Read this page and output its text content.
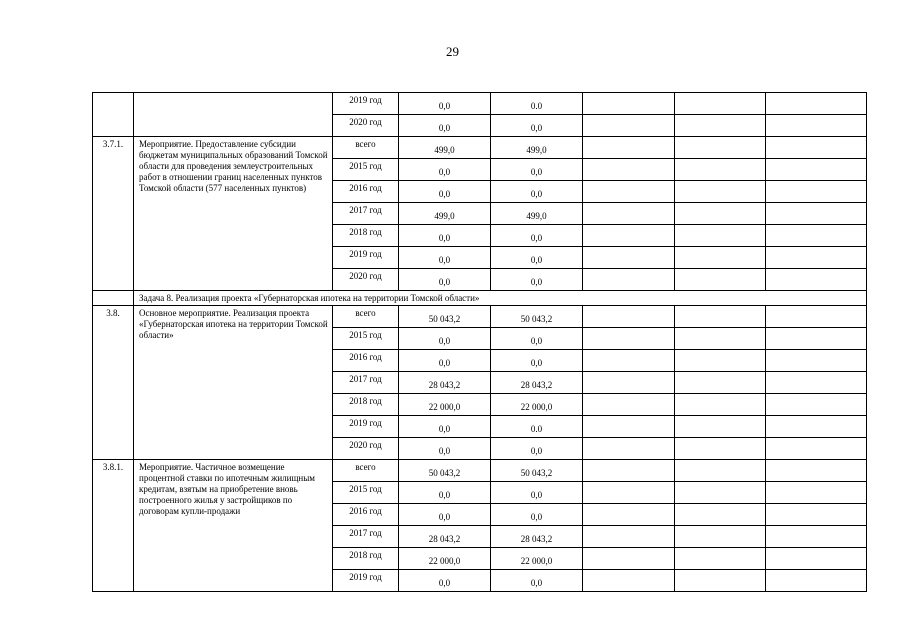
29
		2019 год	0,0	0.0			
		2020 год	0,0	0,0			
3.7.1.	Мероприятие. Предоставление субсидии бюджетам муниципальных образований Томской области для проведения землеустроительных работ в отношении границ населенных пунктов Томской области (577 населенных пунктов)	всего	499,0	499,0			
		2015 год	0,0	0,0			
		2016 год	0,0	0,0			
		2017 год	499,0	499,0			
		2018 год	0,0	0,0			
		2019 год	0,0	0,0			
		2020 год	0,0	0,0			
	Задача 8. Реализация проекта «Губернаторская ипотека на территории Томской области»						
3.8.	Основное мероприятие. Реализация проекта «Губернаторская ипотека на территории Томской области»	всего	50 043,2	50 043,2			
		2015 год	0,0	0,0			
		2016 год	0,0	0,0			
		2017 год	28 043,2	28 043,2			
		2018 год	22 000,0	22 000,0			
		2019 год	0,0	0.0			
		2020 год	0,0	0,0			
3.8.1.	Мероприятие. Частичное возмещение процентной ставки по ипотечным жилищным кредитам, взятым на приобретение вновь построенного жилья у застройщиков по договорам купли-продажи	всего	50 043,2	50 043,2			
		2015 год	0,0	0,0			
		2016 год	0,0	0,0			
		2017 год	28 043,2	28 043,2			
		2018 год	22 000,0	22 000,0			
		2019 год	0,0	0,0			
